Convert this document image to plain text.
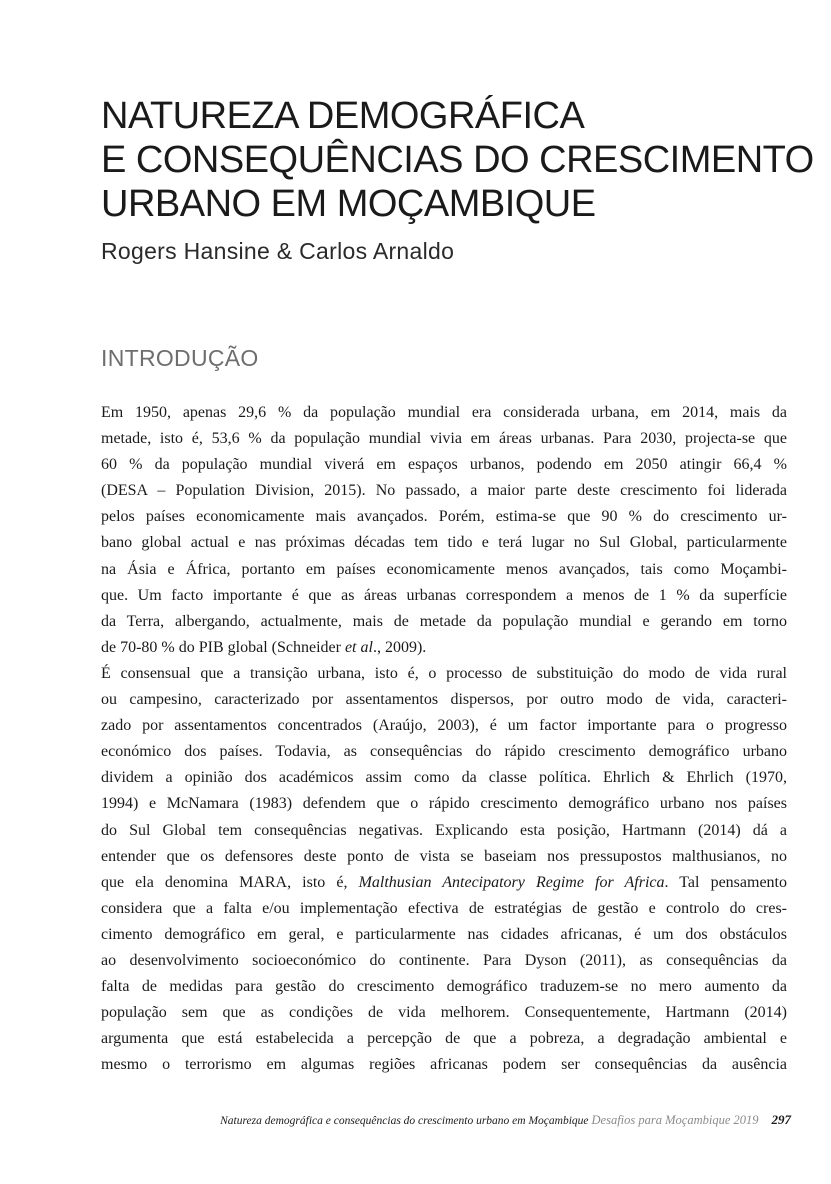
NATUREZA DEMOGRÁFICA
E CONSEQUÊNCIAS DO CRESCIMENTO
URBANO EM MOÇAMBIQUE

Rogers Hansine & Carlos Arnaldo

INTRODUÇÃO

Em 1950, apenas 29,6 % da população mundial era considerada urbana, em 2014, mais da
metade, isto é, 53,6 % da população mundial vivia em áreas urbanas. Para 2030, projecta-se que
60 % da população mundial viverá em espaços urbanos, podendo em 2050 atingir 66,4 %
(DESA – Population Division, 2015). No passado, a maior parte deste crescimento foi liderada
pelos países economicamente mais avançados. Porém, estima-se que 90 % do crescimento ur-
bano global actual e nas próximas décadas tem tido e terá lugar no Sul Global, particularmente
na Ásia e África, portanto em países economicamente menos avançados, tais como Moçambi-
que. Um facto importante é que as áreas urbanas correspondem a menos de 1 % da superfície
da Terra, albergando, actualmente, mais de metade da população mundial e gerando em torno
de 70-80 % do PIB global (Schneider et al., 2009).

É consensual que a transição urbana, isto é, o processo de substituição do modo de vida rural
ou campesino, caracterizado por assentamentos dispersos, por outro modo de vida, caracteri-
zado por assentamentos concentrados (Araújo, 2003), é um factor importante para o progresso
económico dos países. Todavia, as consequências do rápido crescimento demográfico urbano
dividem a opinião dos académicos assim como da classe política. Ehrlich & Ehrlich (1970,
1994) e McNamara (1983) defendem que o rápido crescimento demográfico urbano nos países
do Sul Global tem consequências negativas. Explicando esta posição, Hartmann (2014) dá a
entender que os defensores deste ponto de vista se baseiam nos pressupostos malthusianos, no
que ela denomina MARA, isto é, Malthusian Antecipatory Regime for Africa. Tal pensamento
considera que a falta e/ou implementação efectiva de estratégias de gestão e controlo do cres-
cimento demográfico em geral, e particularmente nas cidades africanas, é um dos obstáculos
ao desenvolvimento socioeconómico do continente. Para Dyson (2011), as consequências da
falta de medidas para gestão do crescimento demográfico traduzem-se no mero aumento da
população sem que as condições de vida melhorem. Consequentemente, Hartmann (2014)
argumenta que está estabelecida a percepção de que a pobreza, a degradação ambiental e
mesmo o terrorismo em algumas regiões africanas podem ser consequências da ausência

Natureza demográfica e consequências do crescimento urbano em Moçambique Desafios para Moçambique 2019 297
